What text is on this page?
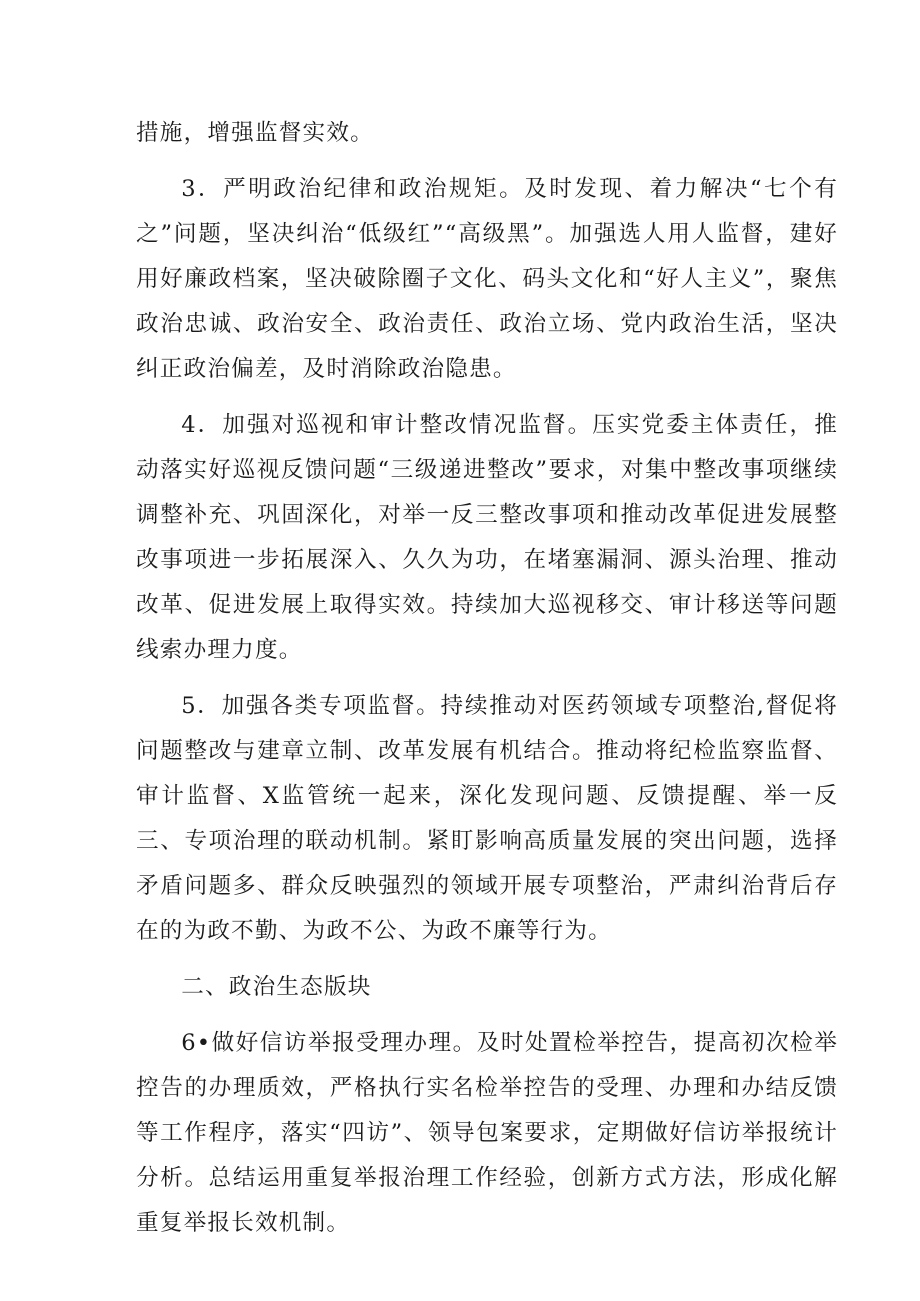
措施，增强监督实效。

3．严明政治纪律和政治规矩。及时发现、着力解决“七个有之”问题，坚决纠治“低级红”“高级黑”。加强选人用人监督，建好用好廉政档案，坚决破除圈子文化、码头文化和“好人主义”，聚焦政治忠诚、政治安全、政治责任、政治立场、党内政治生活，坚决纠正政治偏差，及时消除政治隐患。

4．加强对巡视和审计整改情况监督。压实党委主体责任，推动落实好巡视反馈问题“三级递进整改”要求，对集中整改事项继续调整补充、巩固深化，对举一反三整改事项和推动改革促进发展整改事项进一步拓展深入、久久为功，在堵塞漏洞、源头治理、推动改革、促进发展上取得实效。持续加大巡视移交、审计移送等问题线索办理力度。

5．加强各类专项监督。持续推动对医药领域专项整治,督促将问题整改与建章立制、改革发展有机结合。推动将纪检监察监督、审计监督、X监管统一起来，深化发现问题、反馈提醒、举一反三、专项治理的联动机制。紧盯影响高质量发展的突出问题，选择矛盾问题多、群众反映强烈的领域开展专项整治，严肃纠治背后存在的为政不勤、为政不公、为政不廉等行为。

二、政治生态版块

6•做好信访举报受理办理。及时处置检举控告，提高初次检举控告的办理质效，严格执行实名检举控告的受理、办理和办结反馈等工作程序，落实“四访”、领导包案要求，定期做好信访举报统计分析。总结运用重复举报治理工作经验，创新方式方法，形成化解重复举报长效机制。
